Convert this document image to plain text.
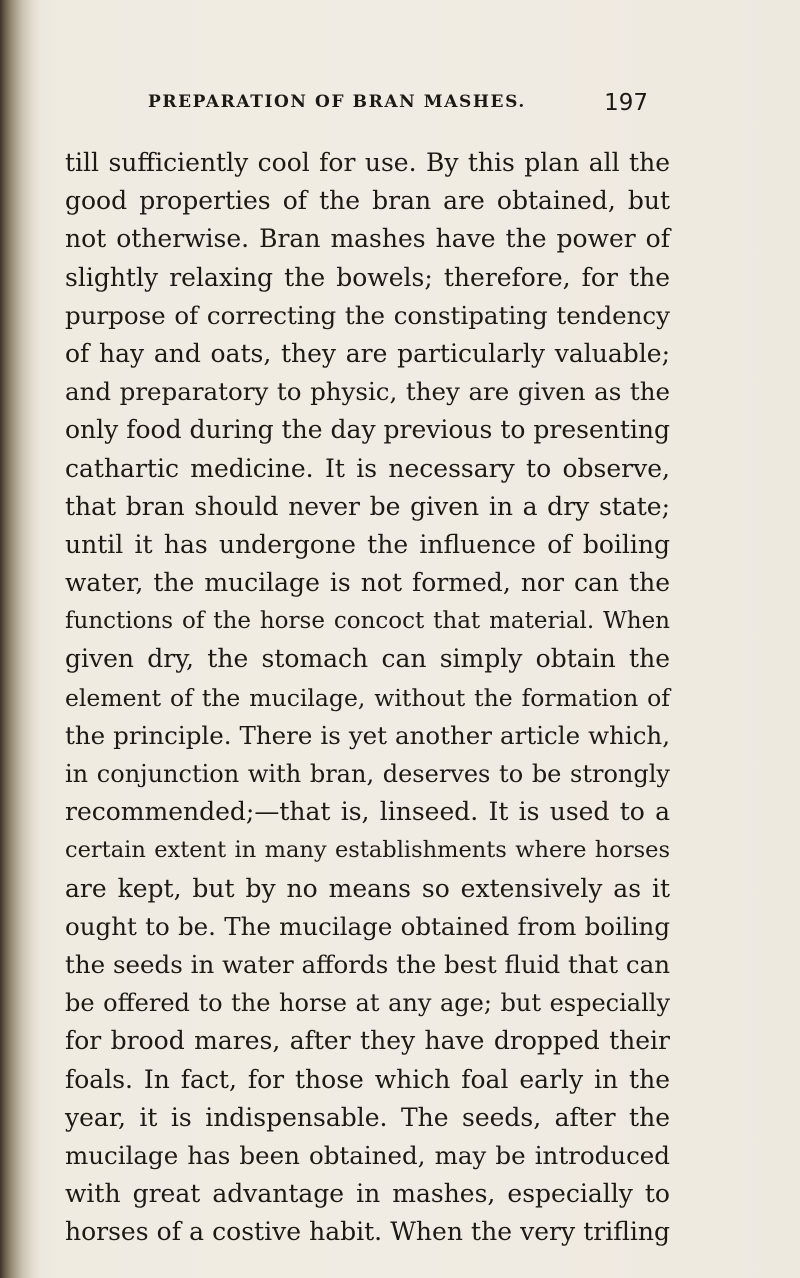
PREPARATION OF BRAN MASHES.	197
till sufficiently cool for use. By this plan all the
good properties of the bran are obtained, but
not otherwise. Bran mashes have the power of
slightly relaxing the bowels; therefore, for the
purpose of correcting the constipating tendency
of hay and oats, they are particularly valuable;
and preparatory to physic, they are given as the
only food during the day previous to presenting
cathartic medicine. It is necessary to observe,
that bran should never be given in a dry state;
until it has undergone the influence of boiling
water, the mucilage is not formed, nor can the
functions of the horse concoct that material. When
given dry, the stomach can simply obtain the
element of the mucilage, without the formation of
the principle. There is yet another article which,
in conjunction with bran, deserves to be strongly
recommended;—that is, linseed. It is used to a
certain extent in many establishments where horses
are kept, but by no means so extensively as it
ought to be. The mucilage obtained from boiling
the seeds in water affords the best fluid that can
be offered to the horse at any age; but especially
for brood mares, after they have dropped their
foals. In fact, for those which foal early in the
year, it is indispensable. The seeds, after the
mucilage has been obtained, may be introduced
with great advantage in mashes, especially to
horses of a costive habit. When the very trifling
